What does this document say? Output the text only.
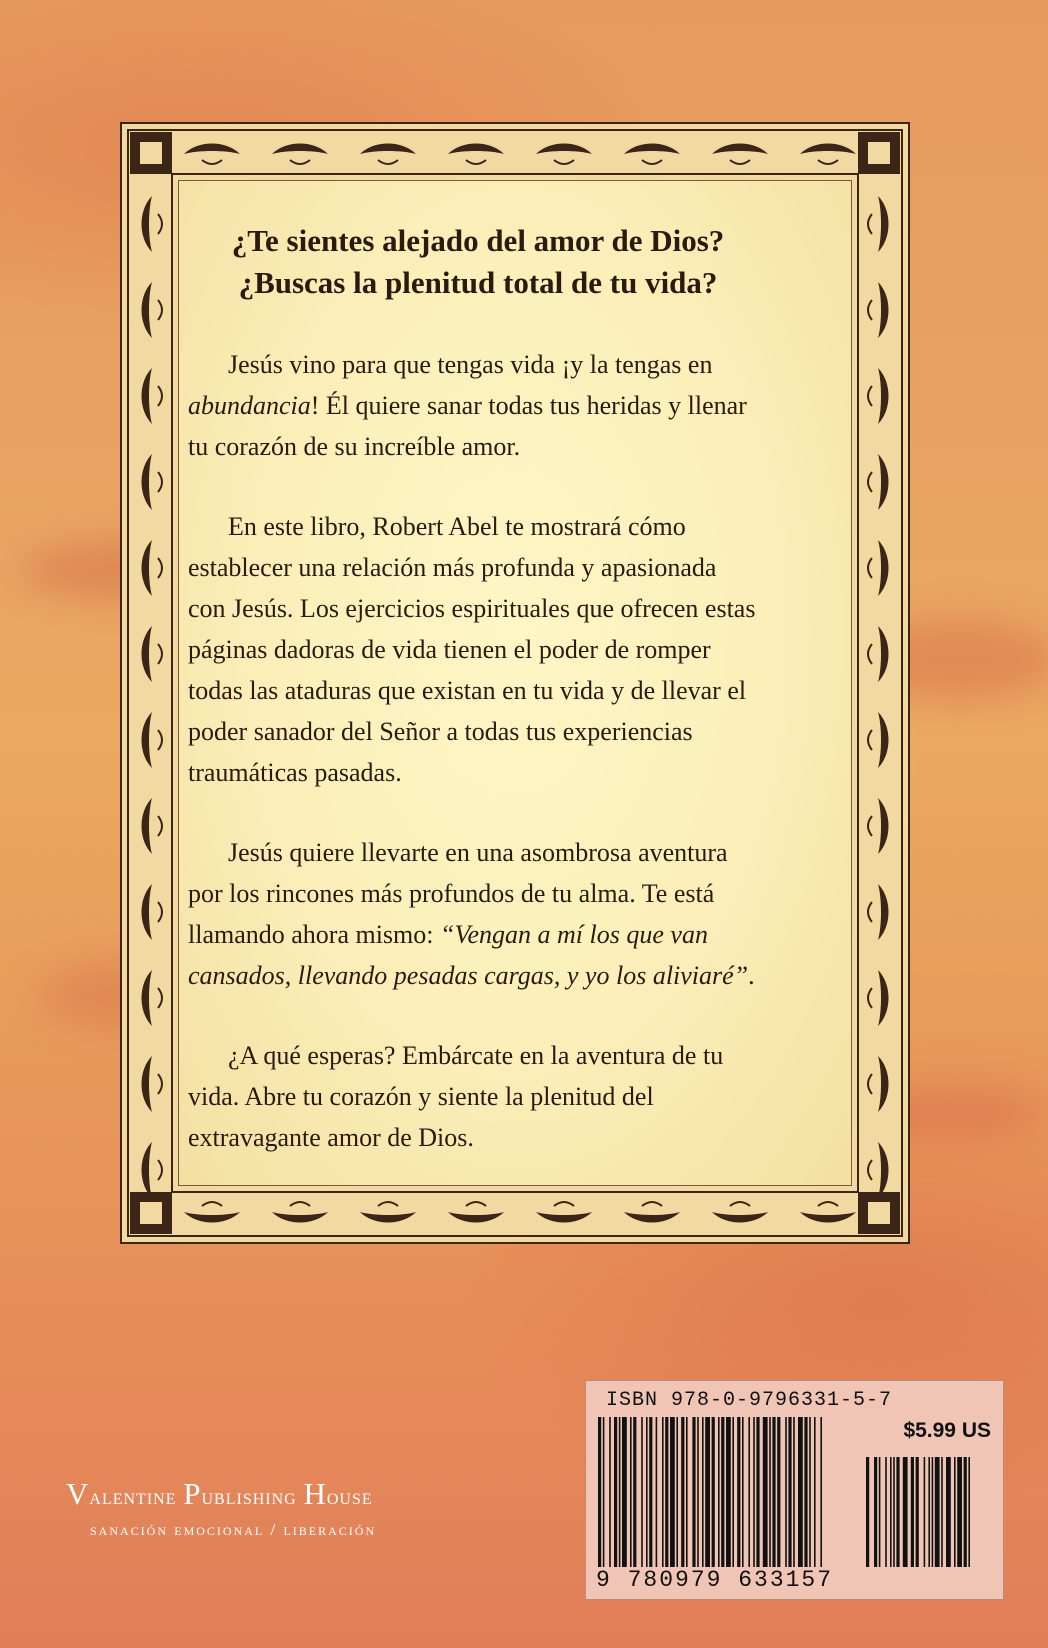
¿Te sientes alejado del amor de Dios?
¿Buscas la plenitud total de tu vida?

Jesús vino para que tengas vida ¡y la tengas en abundancia! Él quiere sanar todas tus heridas y llenar tu corazón de su increíble amor.

En este libro, Robert Abel te mostrará cómo establecer una relación más profunda y apasionada con Jesús. Los ejercicios espirituales que ofrecen estas páginas dadoras de vida tienen el poder de romper todas las ataduras que existan en tu vida y de llevar el poder sanador del Señor a todas tus experiencias traumáticas pasadas.

Jesús quiere llevarte en una asombrosa aventura por los rincones más profundos de tu alma. Te está llamando ahora mismo: “Vengan a mí los que van cansados, llevando pesadas cargas, y yo los aliviaré”.

¿A qué esperas? Embárcate en la aventura de tu vida. Abre tu corazón y siente la plenitud del extravagante amor de Dios.

Valentine Publishing House
sanación emocional / liberación
ISBN 978-0-9796331-5-7
$5.99 US
9 780979 633157
